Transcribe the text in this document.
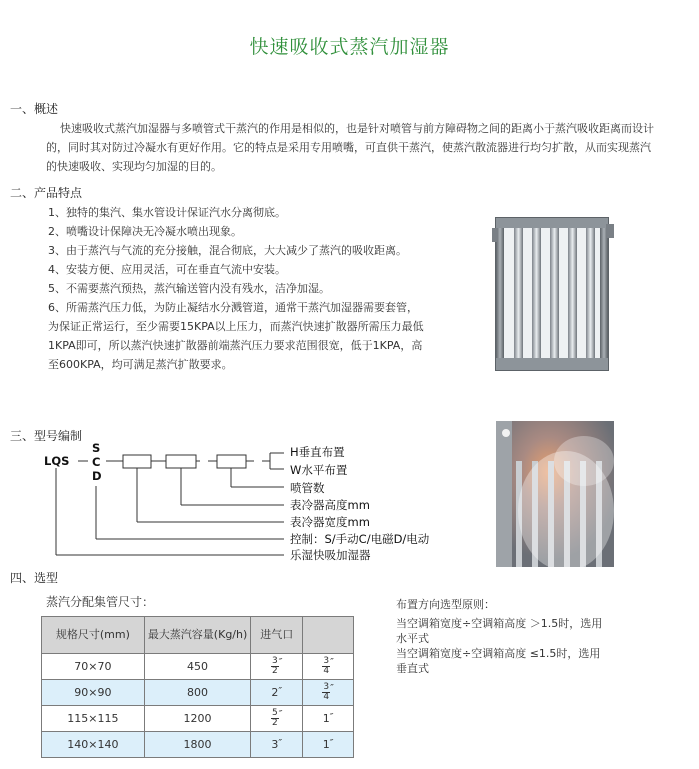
快速吸收式蒸汽加湿器
一、概述
快速吸收式蒸汽加湿器与多喷管式干蒸汽的作用是相似的，也是针对喷管与前方障碍物之间的距离小于蒸汽吸收距离而设计的，同时其对防过冷凝水有更好作用。它的特点是采用专用喷嘴，可直供干蒸汽，使蒸汽散流器进行均匀扩散，从而实现蒸汽的快速吸收、实现均匀加湿的目的。
二、产品特点
1、独特的集汽、集水管设计保证汽水分离彻底。
2、喷嘴设计保障决无冷凝水喷出现象。
3、由于蒸汽与气流的充分接触，混合彻底，大大减少了蒸汽的吸收距离。
4、安装方便、应用灵活，可在垂直气流中安装。
5、不需要蒸汽预热，蒸汽输送管内没有残水，洁净加湿。
6、所需蒸汽压力低，为防止凝结水分溅管道，通常干蒸汽加湿器需要套管，为保证正常运行，至少需要15KPA以上压力，而蒸汽快速扩散器所需压力最低1KPA即可，所以蒸汽快速扩散器前端蒸汽压力要求范围很宽，低于1KPA，高至600KPA，均可满足蒸汽扩散要求。
三、型号编制
LQS
S
C
D
H垂直布置
W水平布置
喷管数
表冷器高度mm
表冷器宽度mm
控制：S/手动C/电磁D/电动
乐湿快吸加湿器
四、选型
蒸汽分配集管尺寸：
规格尺寸(mm)	最大蒸汽容量(Kg/h)	进气口	
70×70	450	$\frac{3}{2}$ ″	$\frac{3}{4}$ ″
90×90	800	2″	$\frac{3}{4}$ ″
115×115	1200	$\frac{5}{2}$ ″	1″
140×140	1800	3″	1″
布置方向选型原则：
当空调箱宽度÷空调箱高度 ＞1.5时，选用
水平式
当空调箱宽度÷空调箱高度 ≤1.5时，选用
垂直式
